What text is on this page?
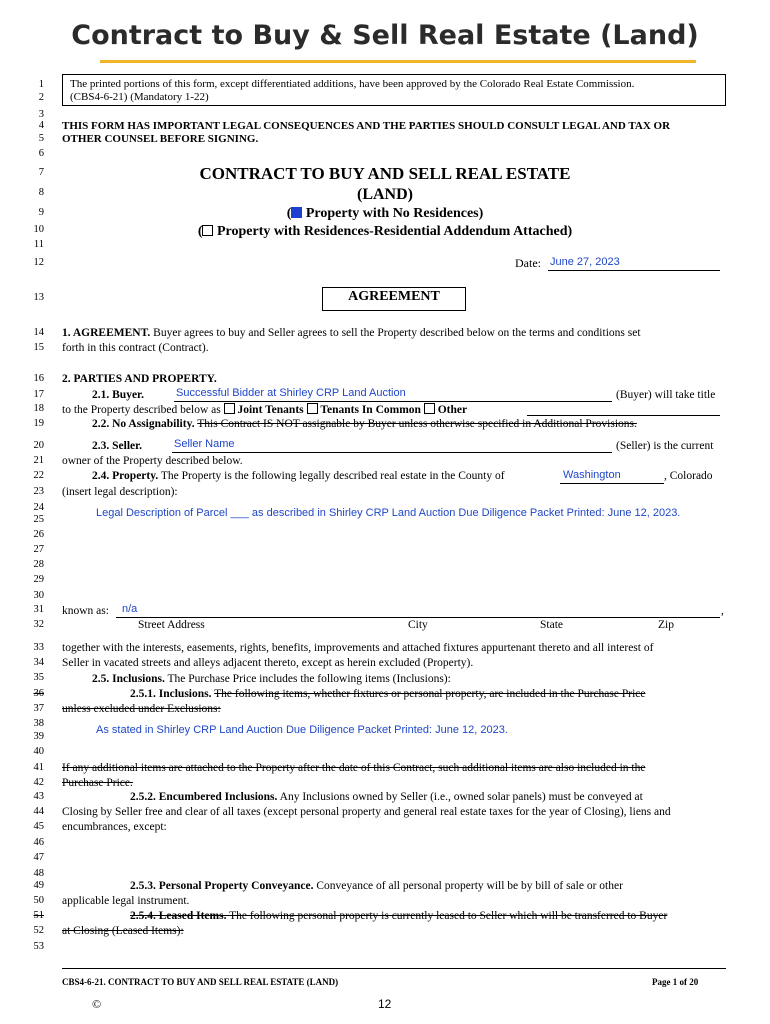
Contract to Buy & Sell Real Estate (Land)
1
2
3
4
5
6
7
8
9
10
11
12
13
14
15
16
17
18
19
20
21
22
23
24
25
26
27
28
29
30
31
32
33
34
35
36
37
38
39
40
41
42
43
44
45
46
47
48
49
50
51
52
53
The printed portions of this form, except differentiated additions, have been approved by the Colorado Real Estate Commission.
(CBS4-6-21) (Mandatory 1-22)
THIS FORM HAS IMPORTANT LEGAL CONSEQUENCES AND THE PARTIES SHOULD CONSULT LEGAL AND TAX OR
OTHER COUNSEL BEFORE SIGNING.
CONTRACT TO BUY AND SELL REAL ESTATE
(LAND)
( Property with No Residences)
( Property with Residences-Residential Addendum Attached)
Date: June 27, 2023
AGREEMENT
1. AGREEMENT. Buyer agrees to buy and Seller agrees to sell the Property described below on the terms and conditions set
forth in this contract (Contract).
2. PARTIES AND PROPERTY.
2.1. Buyer.	Successful Bidder at Shirley CRP Land Auction	(Buyer) will take title
to the Property described below as Joint Tenants Tenants In Common Other
2.2. No Assignability. This Contract IS NOT assignable by Buyer unless otherwise specified in Additional Provisions.
2.3. Seller.	Seller Name	(Seller) is the current
owner of the Property described below.
2.4. Property. The Property is the following legally described real estate in the County of	Washington	, Colorado
(insert legal description):
Legal Description of Parcel ___ as described in Shirley CRP Land Auction Due Diligence Packet Printed: June 12, 2023.
known as: n/a	,
Street Address	City	State	Zip
together with the interests, easements, rights, benefits, improvements and attached fixtures appurtenant thereto and all interest of
Seller in vacated streets and alleys adjacent thereto, except as herein excluded (Property).
2.5. Inclusions. The Purchase Price includes the following items (Inclusions):
2.5.1. Inclusions. The following items, whether fixtures or personal property, are included in the Purchase Price
unless excluded under Exclusions:
As stated in Shirley CRP Land Auction Due Diligence Packet Printed: June 12, 2023.
If any additional items are attached to the Property after the date of this Contract, such additional items are also included in the
Purchase Price.
2.5.2. Encumbered Inclusions. Any Inclusions owned by Seller (i.e., owned solar panels) must be conveyed at
Closing by Seller free and clear of all taxes (except personal property and general real estate taxes for the year of Closing), liens and
encumbrances, except:
2.5.3. Personal Property Conveyance. Conveyance of all personal property will be by bill of sale or other
applicable legal instrument.
2.5.4. Leased Items. The following personal property is currently leased to Seller which will be transferred to Buyer
at Closing (Leased Items):
CBS4-6-21. CONTRACT TO BUY AND SELL REAL ESTATE (LAND)	Page 1 of 20
©	12
